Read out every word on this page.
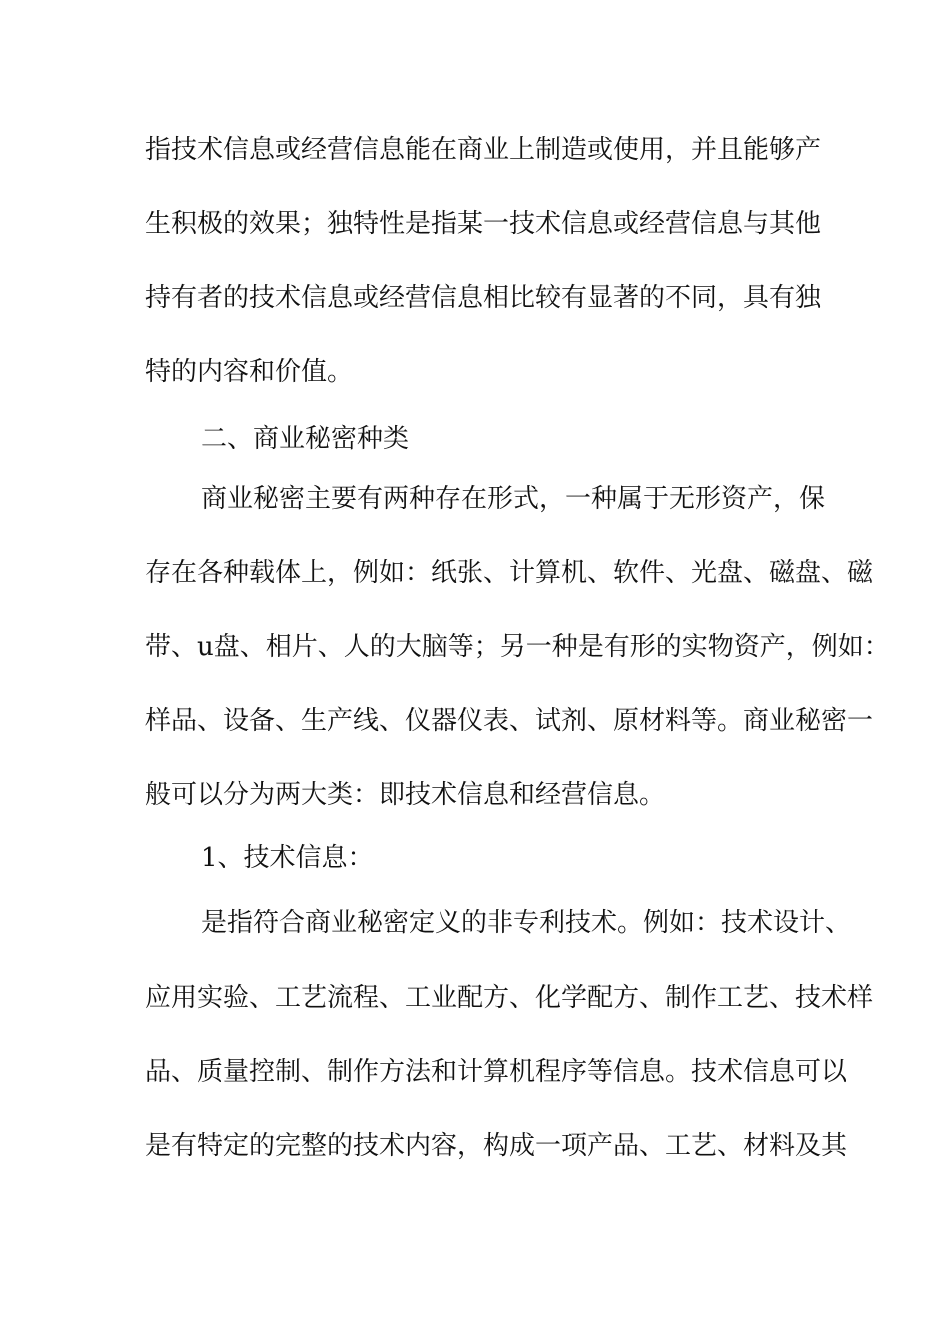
指技术信息或经营信息能在商业上制造或使用，并且能够产

生积极的效果；独特性是指某一技术信息或经营信息与其他

持有者的技术信息或经营信息相比较有显著的不同，具有独

特的内容和价值。

二、商业秘密种类

商业秘密主要有两种存在形式，一种属于无形资产，保

存在各种载体上，例如：纸张、计算机、软件、光盘、磁盘、磁

带、u盘、相片、人的大脑等；另一种是有形的实物资产，例如：

样品、设备、生产线、仪器仪表、试剂、原材料等。商业秘密一

般可以分为两大类：即技术信息和经营信息。

1、技术信息：

是指符合商业秘密定义的非专利技术。例如：技术设计、

应用实验、工艺流程、工业配方、化学配方、制作工艺、技术样

品、质量控制、制作方法和计算机程序等信息。技术信息可以

是有特定的完整的技术内容，构成一项产品、工艺、材料及其
